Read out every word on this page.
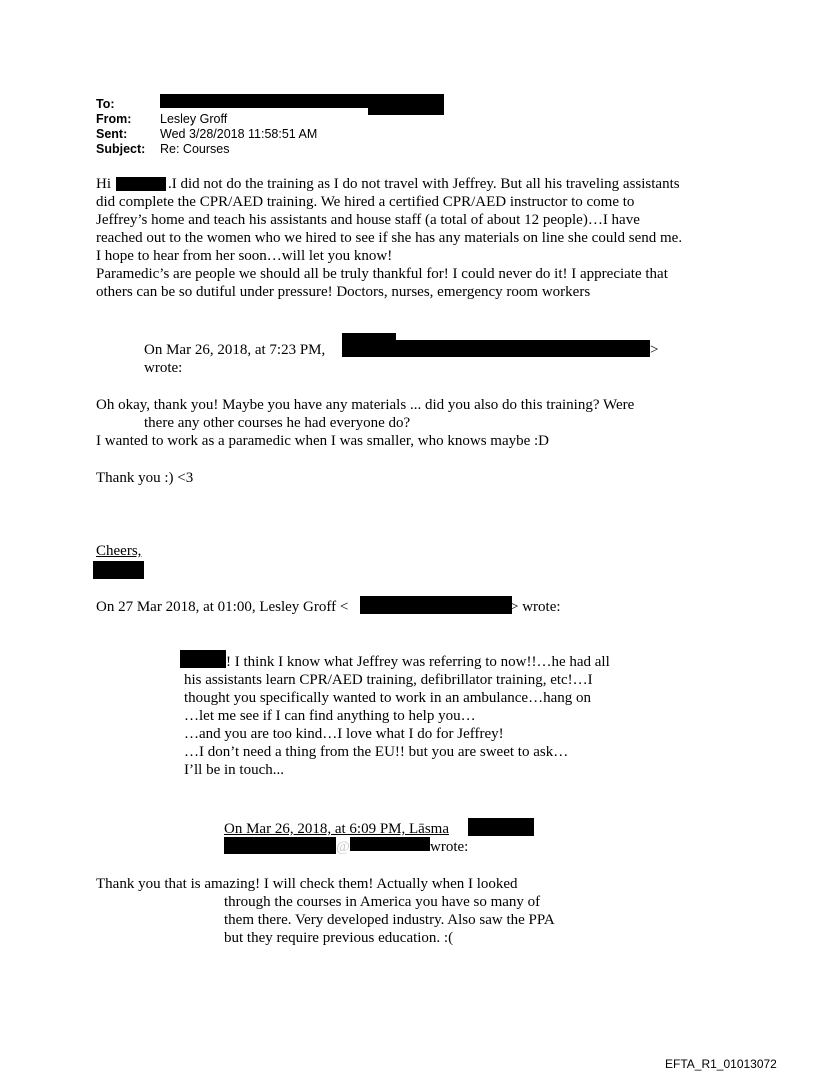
To:
From: Lesley Groff
Sent:	Wed 3/28/2018 11:58:51 AM
Subject: Re: Courses
Hi	.I did not do the training as I do not travel with Jeffrey. But all his traveling assistants
did complete the CPR/AED training. We hired a certified CPR/AED instructor to come to
Jeffrey’s home and teach his assistants and house staff (a total of about 12 people)…I have
reached out to the women who we hired to see if she has any materials on line she could send me.
I hope to hear from her soon…will let you know!
Paramedic’s are people we should all be truly thankful for! I could never do it! I appreciate that
others can be so dutiful under pressure! Doctors, nurses, emergency room workers
On Mar 26, 2018, at 7:23 PM,	>
wrote:
Oh okay, thank you! Maybe you have any materials ... did you also do this training? Were
there any other courses he had everyone do?
I wanted to work as a paramedic when I was smaller, who knows maybe :D
Thank you :) <3
Cheers,
On 27 Mar 2018, at 01:00, Lesley Groff <	> wrote:
! I think I know what Jeffrey was referring to now!!…he had all
his assistants learn CPR/AED training, defibrillator training, etc!…I
thought you specifically wanted to work in an ambulance…hang on
…let me see if I can find anything to help you…
…and you are too kind…I love what I do for Jeffrey!
…I don’t need a thing from the EU!! but you are sweet to ask…
I’ll be in touch...
On Mar 26, 2018, at 6:09 PM, Lāsma
@	wrote:
Thank you that is amazing! I will check them! Actually when I looked
through the courses in America you have so many of
them there. Very developed industry. Also saw the PPA
but they require previous education. :(
EFTA_R1_01013072
